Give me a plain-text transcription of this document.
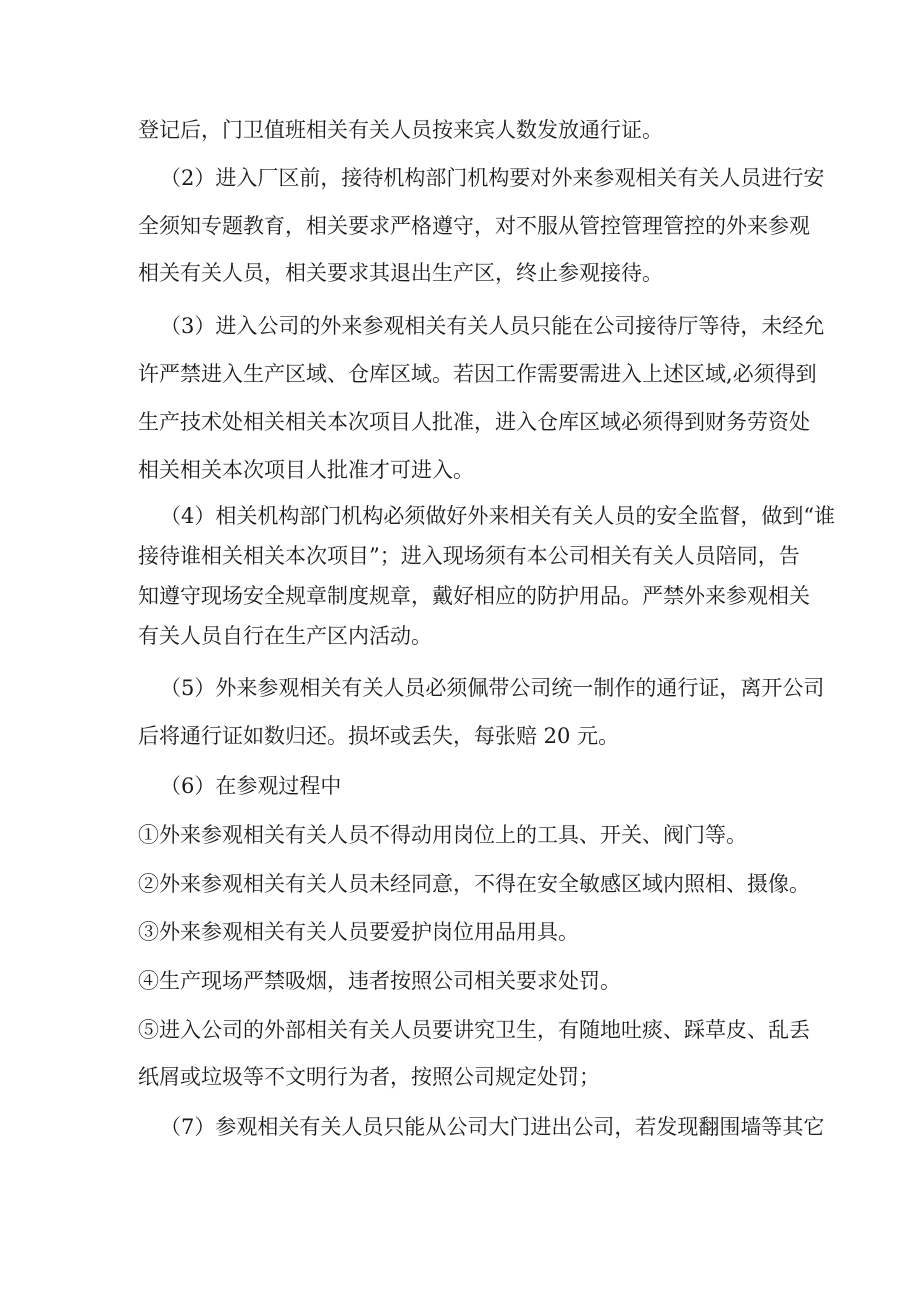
登记后，门卫值班相关有关人员按来宾人数发放通行证。
（2）进入厂区前，接待机构部门机构要对外来参观相关有关人员进行安
全须知专题教育，相关要求严格遵守，对不服从管控管理管控的外来参观
相关有关人员，相关要求其退出生产区，终止参观接待。
（3）进入公司的外来参观相关有关人员只能在公司接待厅等待，未经允
许严禁进入生产区域、仓库区域。若因工作需要需进入上述区域,必须得到
生产技术处相关相关本次项目人批准，进入仓库区域必须得到财务劳资处
相关相关本次项目人批准才可进入。
（4）相关机构部门机构必须做好外来相关有关人员的安全监督，做到“谁
接待谁相关相关本次项目”；进入现场须有本公司相关有关人员陪同，告
知遵守现场安全规章制度规章，戴好相应的防护用品。严禁外来参观相关
有关人员自行在生产区内活动。
（5）外来参观相关有关人员必须佩带公司统一制作的通行证，离开公司
后将通行证如数归还。损坏或丢失，每张赔 20 元。
（6）在参观过程中
①外来参观相关有关人员不得动用岗位上的工具、开关、阀门等。
②外来参观相关有关人员未经同意，不得在安全敏感区域内照相、摄像。
③外来参观相关有关人员要爱护岗位用品用具。
④生产现场严禁吸烟，违者按照公司相关要求处罚。
⑤进入公司的外部相关有关人员要讲究卫生，有随地吐痰、踩草皮、乱丢
纸屑或垃圾等不文明行为者，按照公司规定处罚；
（7）参观相关有关人员只能从公司大门进出公司，若发现翻围墙等其它
